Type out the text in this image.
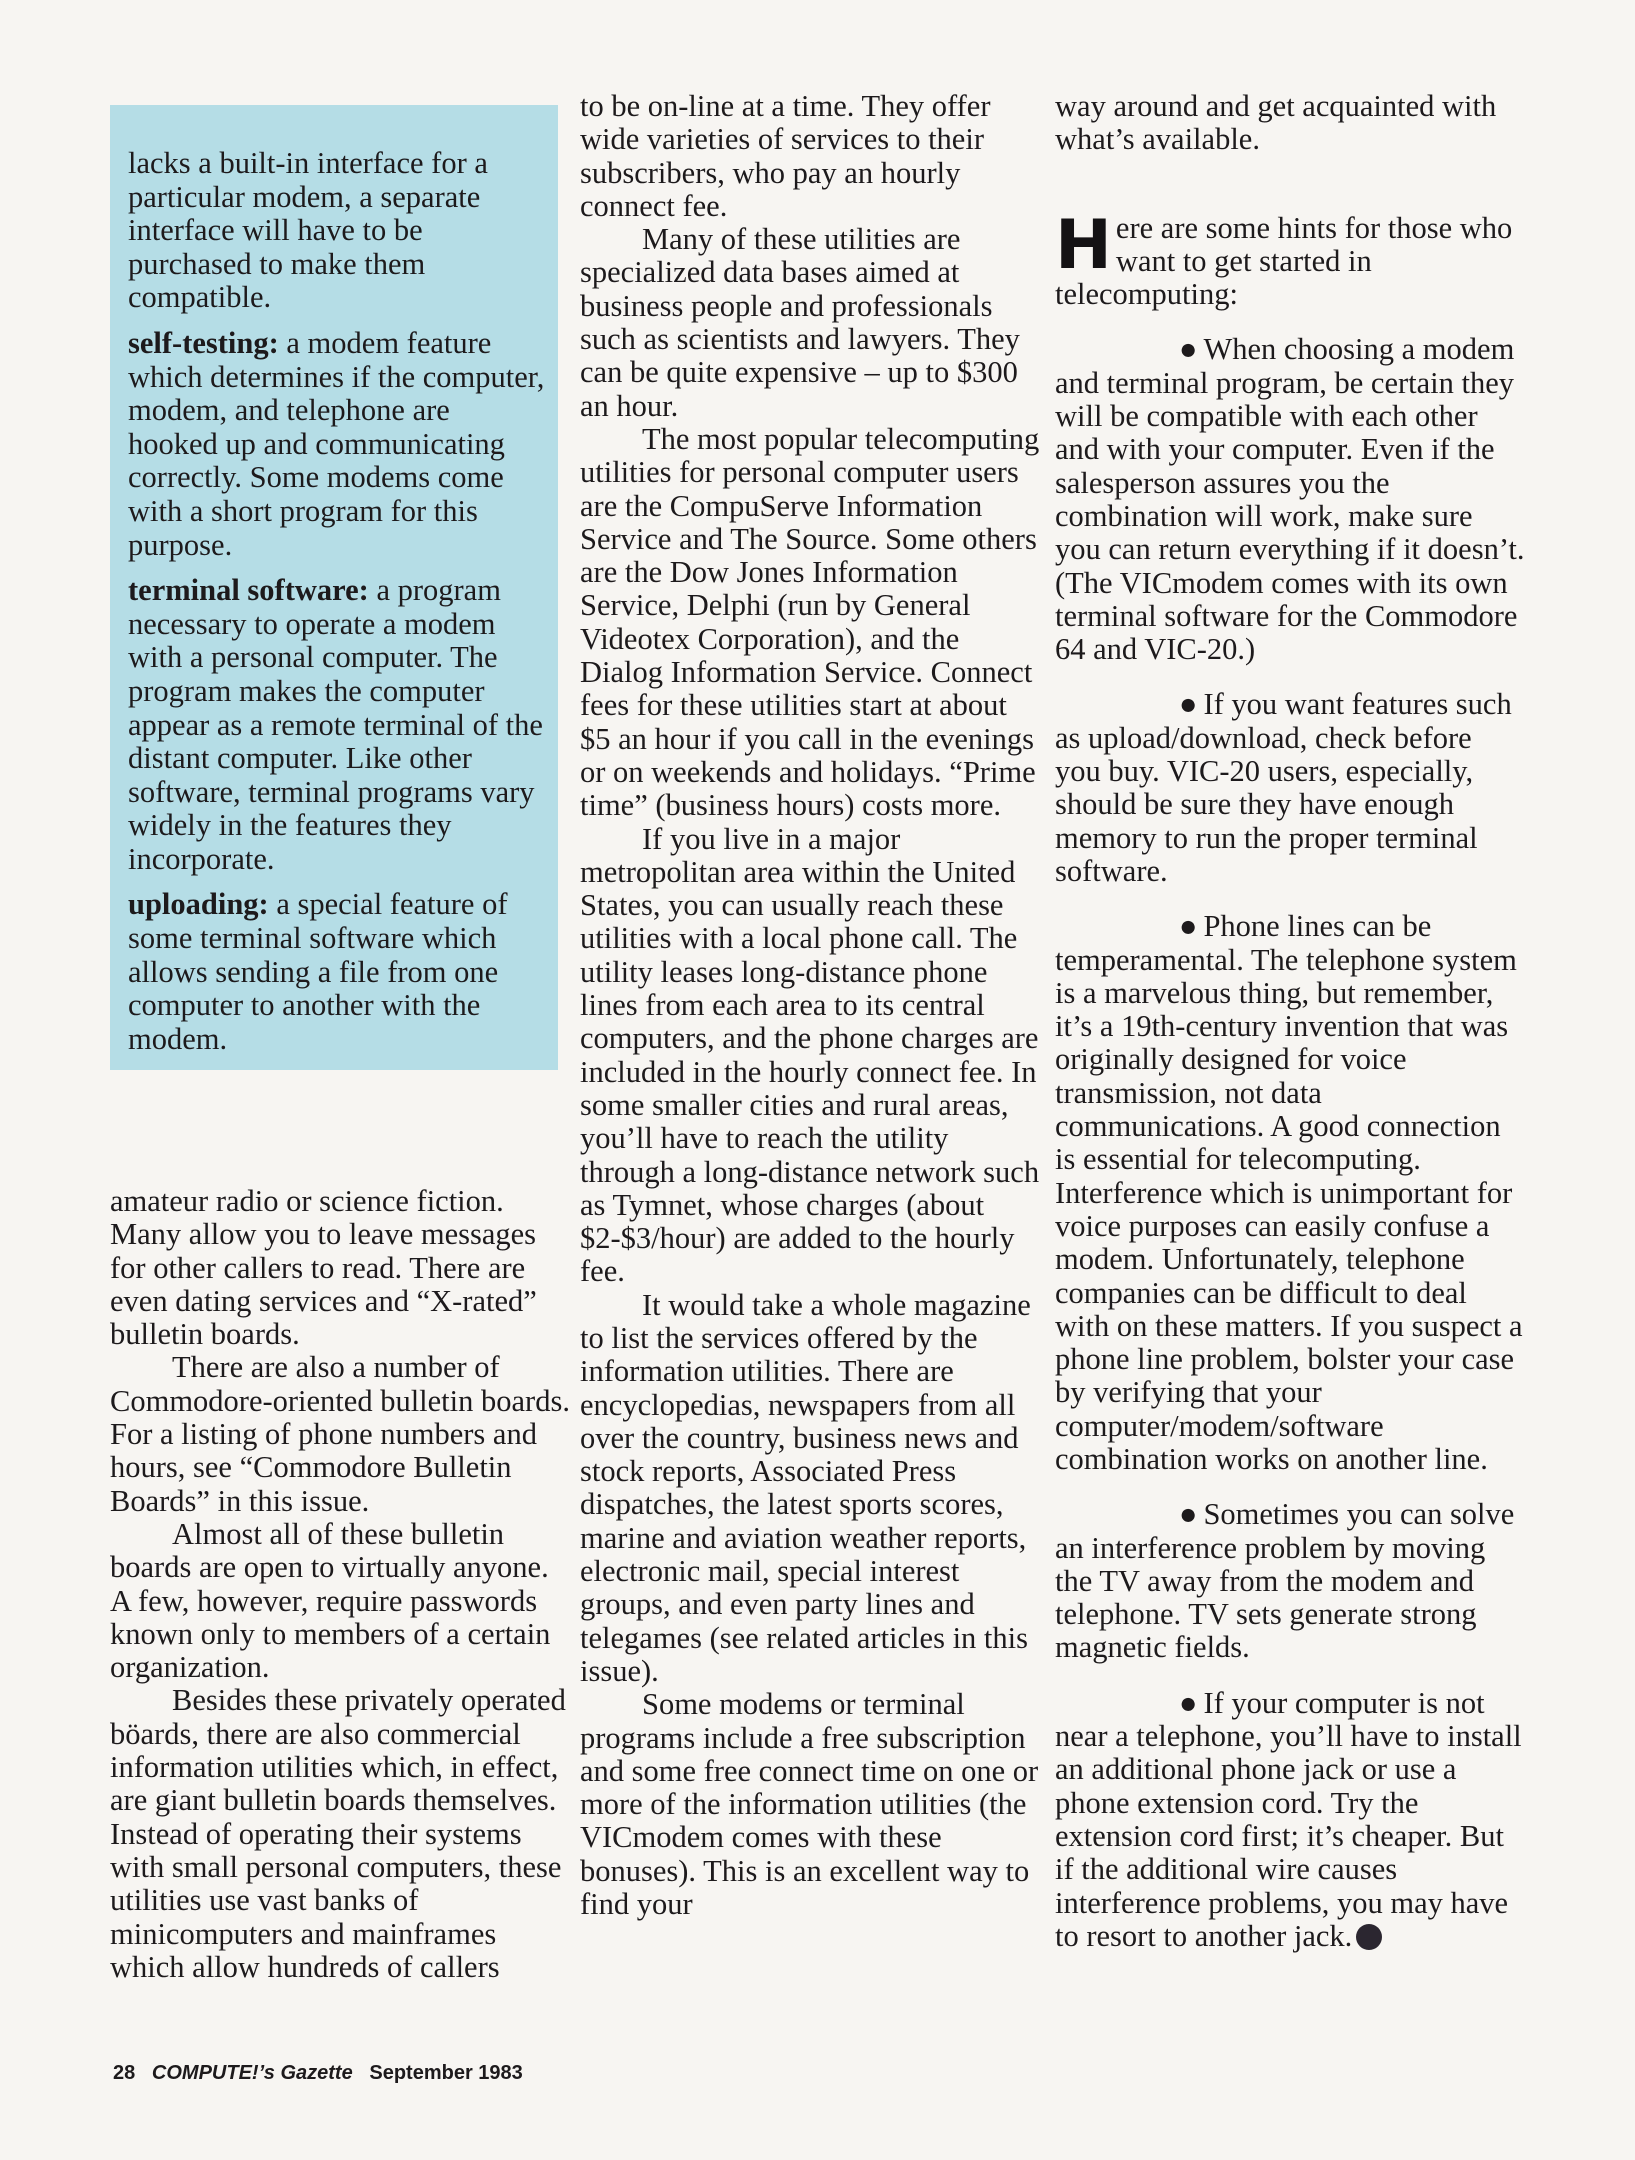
lacks a built-in interface for a particular modem, a separate interface will have to be purchased to make them compatible.

self-testing: a modem feature which determines if the computer, modem, and telephone are hooked up and communicating correctly. Some modems come with a short program for this purpose.

terminal software: a program necessary to operate a modem with a personal computer. The program makes the computer appear as a remote terminal of the distant computer. Like other software, terminal programs vary widely in the features they incorporate.

uploading: a special feature of some terminal software which allows sending a file from one computer to another with the modem.

amateur radio or science fiction. Many allow you to leave messages for other callers to read. There are even dating services and “X-rated” bulletin boards.

There are also a number of Commodore-oriented bulletin boards. For a listing of phone numbers and hours, see “Commodore Bulletin Boards” in this issue.

Almost all of these bulletin boards are open to virtually anyone. A few, however, require passwords known only to members of a certain organization.

Besides these privately operated böards, there are also commercial information utilities which, in effect, are giant bulletin boards themselves. Instead of operating their systems with small personal computers, these utilities use vast banks of minicomputers and mainframes which allow hundreds of callers

to be on-line at a time. They offer wide varieties of services to their subscribers, who pay an hourly connect fee.

Many of these utilities are specialized data bases aimed at business people and professionals such as scientists and lawyers. They can be quite expensive – up to $300 an hour.

The most popular telecomputing utilities for personal computer users are the CompuServe Information Service and The Source. Some others are the Dow Jones Information Service, Delphi (run by General Videotex Corporation), and the Dialog Information Service. Connect fees for these utilities start at about $5 an hour if you call in the evenings or on weekends and holidays. “Prime time” (business hours) costs more.

If you live in a major metropolitan area within the United States, you can usually reach these utilities with a local phone call. The utility leases long-distance phone lines from each area to its central computers, and the phone charges are included in the hourly connect fee. In some smaller cities and rural areas, you’ll have to reach the utility through a long-distance network such as Tymnet, whose charges (about $2-$3/hour) are added to the hourly fee.

It would take a whole magazine to list the services offered by the information utilities. There are encyclopedias, newspapers from all over the country, business news and stock reports, Associated Press dispatches, the latest sports scores, marine and aviation weather reports, electronic mail, special interest groups, and even party lines and telegames (see related articles in this issue).

Some modems or terminal programs include a free subscription and some free connect time on one or more of the information utilities (the VICmodem comes with these bonuses). This is an excellent way to find your

way around and get acquainted with what’s available.

Here are some hints for those who want to get started in telecomputing:

● When choosing a modem and terminal program, be certain they will be compatible with each other and with your computer. Even if the salesperson assures you the combination will work, make sure you can return everything if it doesn’t. (The VICmodem comes with its own terminal software for the Commodore 64 and VIC-20.)

● If you want features such as upload/download, check before you buy. VIC-20 users, especially, should be sure they have enough memory to run the proper terminal software.

● Phone lines can be temperamental. The telephone system is a marvelous thing, but remember, it’s a 19th-century invention that was originally designed for voice transmission, not data communications. A good connection is essential for telecomputing. Interference which is unimportant for voice purposes can easily confuse a modem. Unfortunately, telephone companies can be difficult to deal with on these matters. If you suspect a phone line problem, bolster your case by verifying that your computer/modem/software combination works on another line.

● Sometimes you can solve an interference problem by moving the TV away from the modem and telephone. TV sets generate strong magnetic fields.

● If your computer is not near a telephone, you’ll have to install an additional phone jack or use a phone extension cord. Try the extension cord first; it’s cheaper. But if the additional wire causes interference problems, you may have to resort to another jack.

28 COMPUTE!’s Gazette September 1983
